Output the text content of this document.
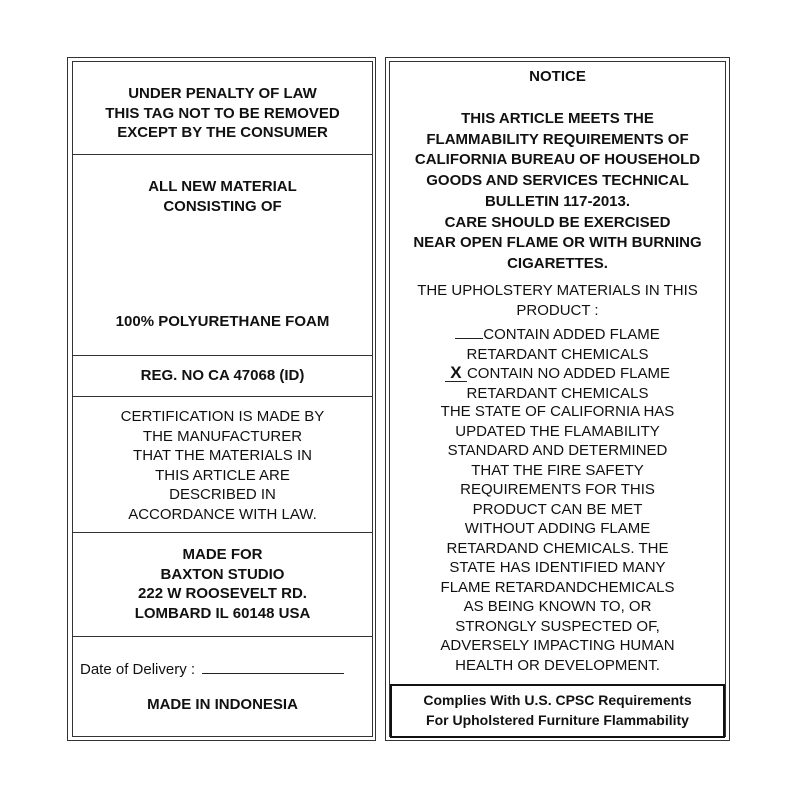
UNDER PENALTY OF LAW
THIS TAG NOT TO BE REMOVED
EXCEPT BY THE CONSUMER
ALL NEW MATERIAL
CONSISTING OF
100% POLYURETHANE FOAM
REG. NO CA 47068 (ID)
CERTIFICATION IS MADE BY
THE MANUFACTURER
THAT THE MATERIALS IN
THIS ARTICLE ARE
DESCRIBED IN
ACCORDANCE WITH LAW.
MADE FOR
BAXTON STUDIO
222 W ROOSEVELT RD.
LOMBARD IL 60148 USA
Date of Delivery :
MADE IN INDONESIA
NOTICE
THIS ARTICLE MEETS THE
FLAMMABILITY REQUIREMENTS OF
CALIFORNIA BUREAU OF HOUSEHOLD
GOODS AND SERVICES TECHNICAL
BULLETIN 117-2013.
CARE SHOULD BE EXERCISED
NEAR OPEN FLAME OR WITH BURNING
CIGARETTES.
THE UPHOLSTERY MATERIALS IN THIS
PRODUCT :
CONTAIN ADDED FLAME
RETARDANT CHEMICALS
X CONTAIN NO ADDED FLAME
RETARDANT CHEMICALS
THE STATE OF CALIFORNIA HAS
UPDATED THE FLAMABILITY
STANDARD AND DETERMINED
THAT THE FIRE SAFETY
REQUIREMENTS FOR THIS
PRODUCT CAN BE MET
WITHOUT ADDING FLAME
RETARDAND CHEMICALS. THE
STATE HAS IDENTIFIED MANY
FLAME RETARDANDCHEMICALS
AS BEING KNOWN TO, OR
STRONGLY SUSPECTED OF,
ADVERSELY IMPACTING HUMAN
HEALTH OR DEVELOPMENT.
Complies With U.S. CPSC Requirements
For Upholstered Furniture Flammability
